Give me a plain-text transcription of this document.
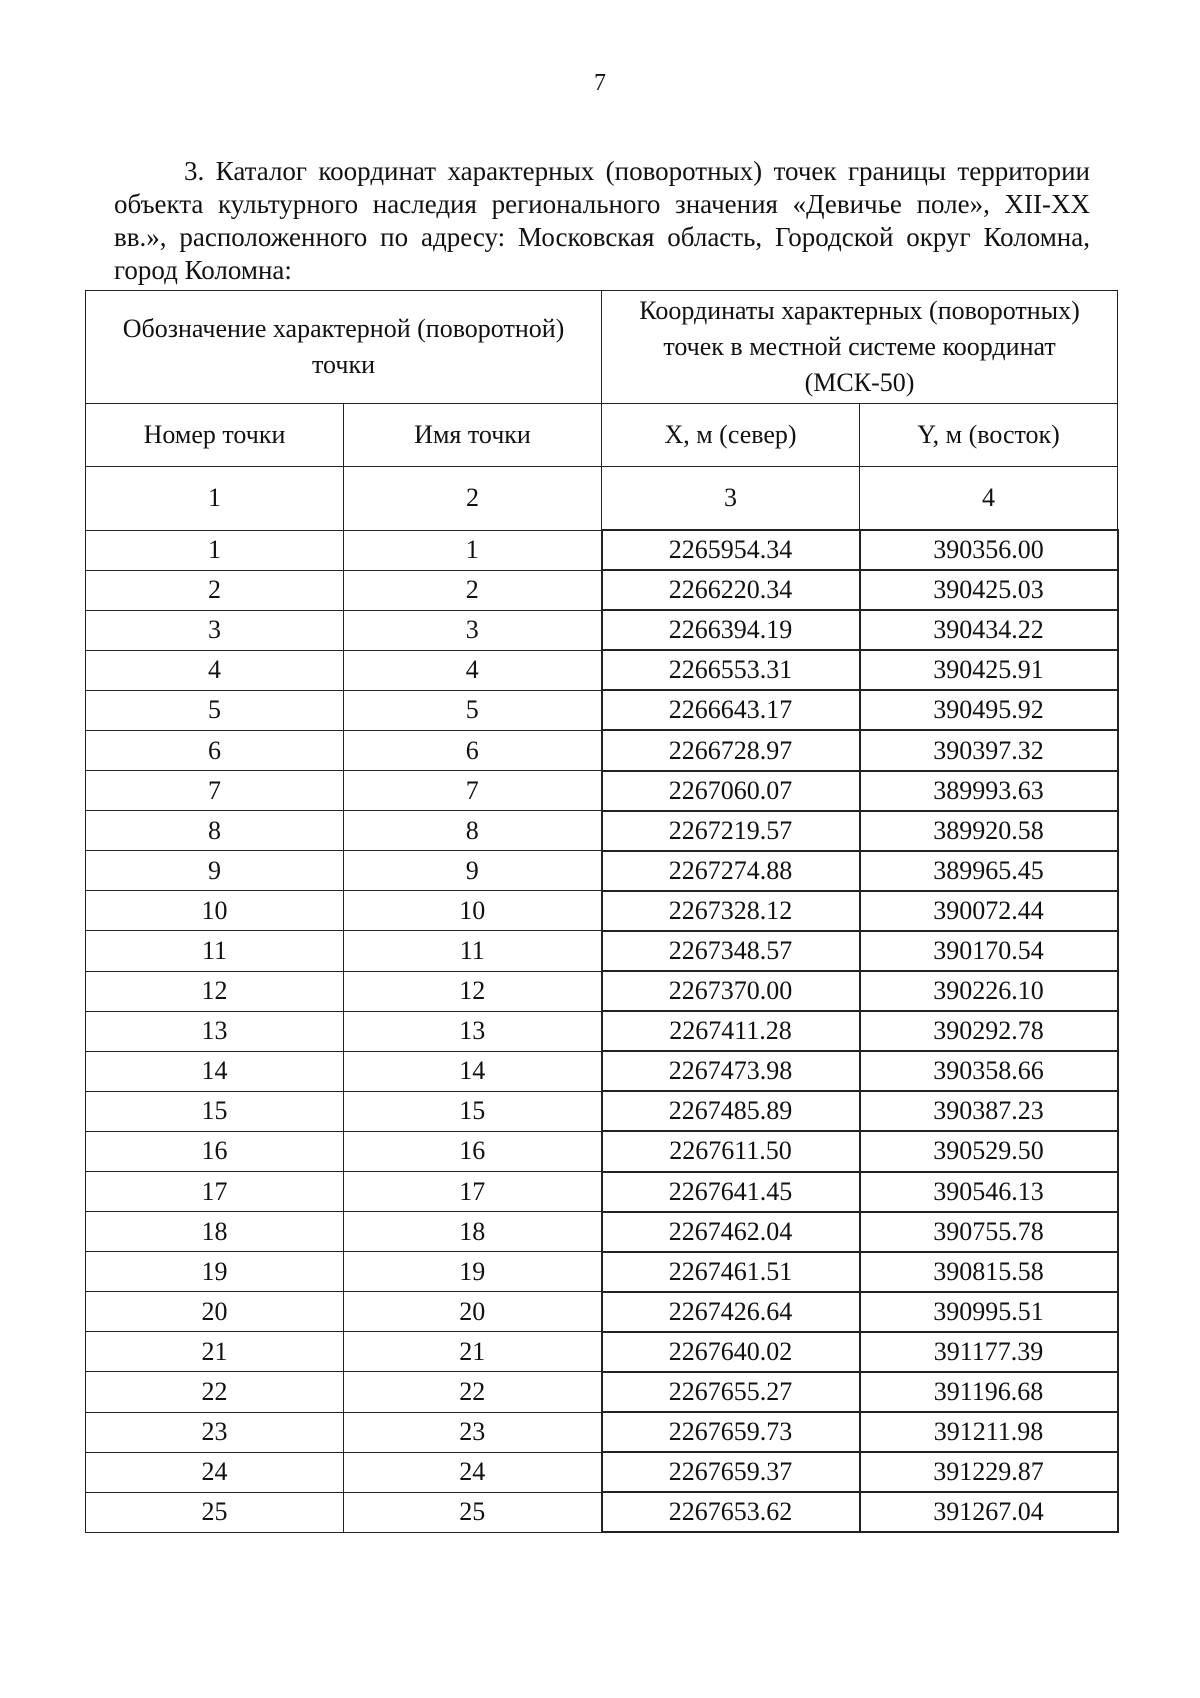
7

3. Каталог координат характерных (поворотных) точек границы территории объекта культурного наследия регионального значения «Девичье поле», XII-XX вв.», расположенного по адресу: Московская область, Городской округ Коломна, город Коломна:

Обозначение характерной (поворотной) точки		Координаты характерных (поворотных) точек в местной системе координат (МСК-50)	
Номер точки	Имя точки	X, м (север)	Y, м (восток)
1	2	3	4
1	1	2265954.34	390356.00
2	2	2266220.34	390425.03
3	3	2266394.19	390434.22
4	4	2266553.31	390425.91
5	5	2266643.17	390495.92
6	6	2266728.97	390397.32
7	7	2267060.07	389993.63
8	8	2267219.57	389920.58
9	9	2267274.88	389965.45
10	10	2267328.12	390072.44
11	11	2267348.57	390170.54
12	12	2267370.00	390226.10
13	13	2267411.28	390292.78
14	14	2267473.98	390358.66
15	15	2267485.89	390387.23
16	16	2267611.50	390529.50
17	17	2267641.45	390546.13
18	18	2267462.04	390755.78
19	19	2267461.51	390815.58
20	20	2267426.64	390995.51
21	21	2267640.02	391177.39
22	22	2267655.27	391196.68
23	23	2267659.73	391211.98
24	24	2267659.37	391229.87
25	25	2267653.62	391267.04
